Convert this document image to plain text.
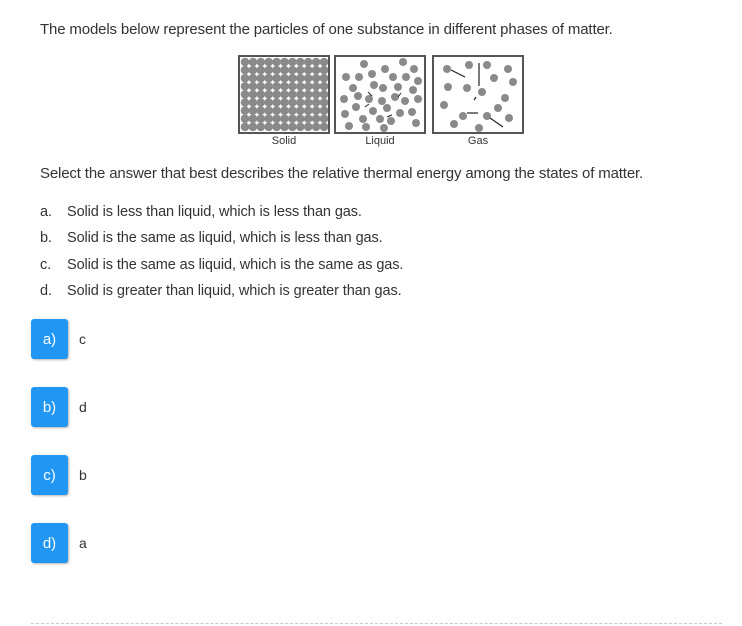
The models below represent the particles of one substance in different phases of matter.
Solid	Liquid	Gas
Select the answer that best describes the relative thermal energy among the states of matter.
a.	Solid is less than liquid, which is less than gas.
b.	Solid is the same as liquid, which is less than gas.
c.	Solid is the same as liquid, which is the same as gas.
d.	Solid is greater than liquid, which is greater than gas.
a)	c
b)	d
c)	b
d)	a
